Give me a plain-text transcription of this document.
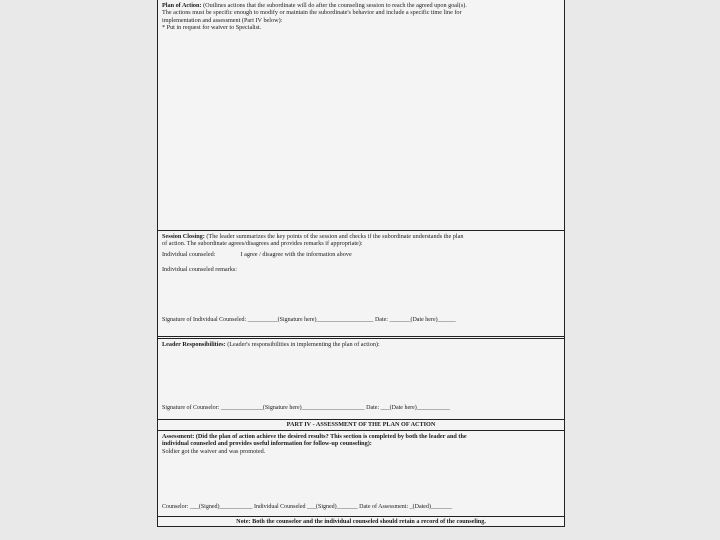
Plan of Action: (Outlines actions that the subordinate will do after the counseling session to reach the agreed upon goal(s).
The actions must be specific enough to modify or maintain the subordinate's behavior and include a specific time line for
implementation and assessment (Part IV below):
* Put in request for waiver to Specialist.
Session Closing: (The leader summarizes the key points of the session and checks if the subordinate understands the plan
of action. The subordinate agrees/disagrees and provides remarks if appropriate):
Individual counseled:	I agree / disagree with the information above
Individual counseled remarks:
Signature of Individual Counseled: __________(Signature here)___________________ Date: _______(Date here)______
Leader Responsibilities: (Leader's responsibilities in implementing the plan of action):
Signature of Counselor: ______________(Signature here)_____________________ Date: ___(Date here)___________
PART IV - ASSESSMENT OF THE PLAN OF ACTION
Assessment: (Did the plan of action achieve the desired results? This section is completed by both the leader and the
individual counseled and provides useful information for follow-up counseling):
Soldier got the waiver and was promoted.
Counselor: ___(Signed)___________ Individual Counseled ___(Signed)_______ Date of Assessment: _(Dated)_______
Note: Both the counselor and the individual counseled should retain a record of the counseling.
